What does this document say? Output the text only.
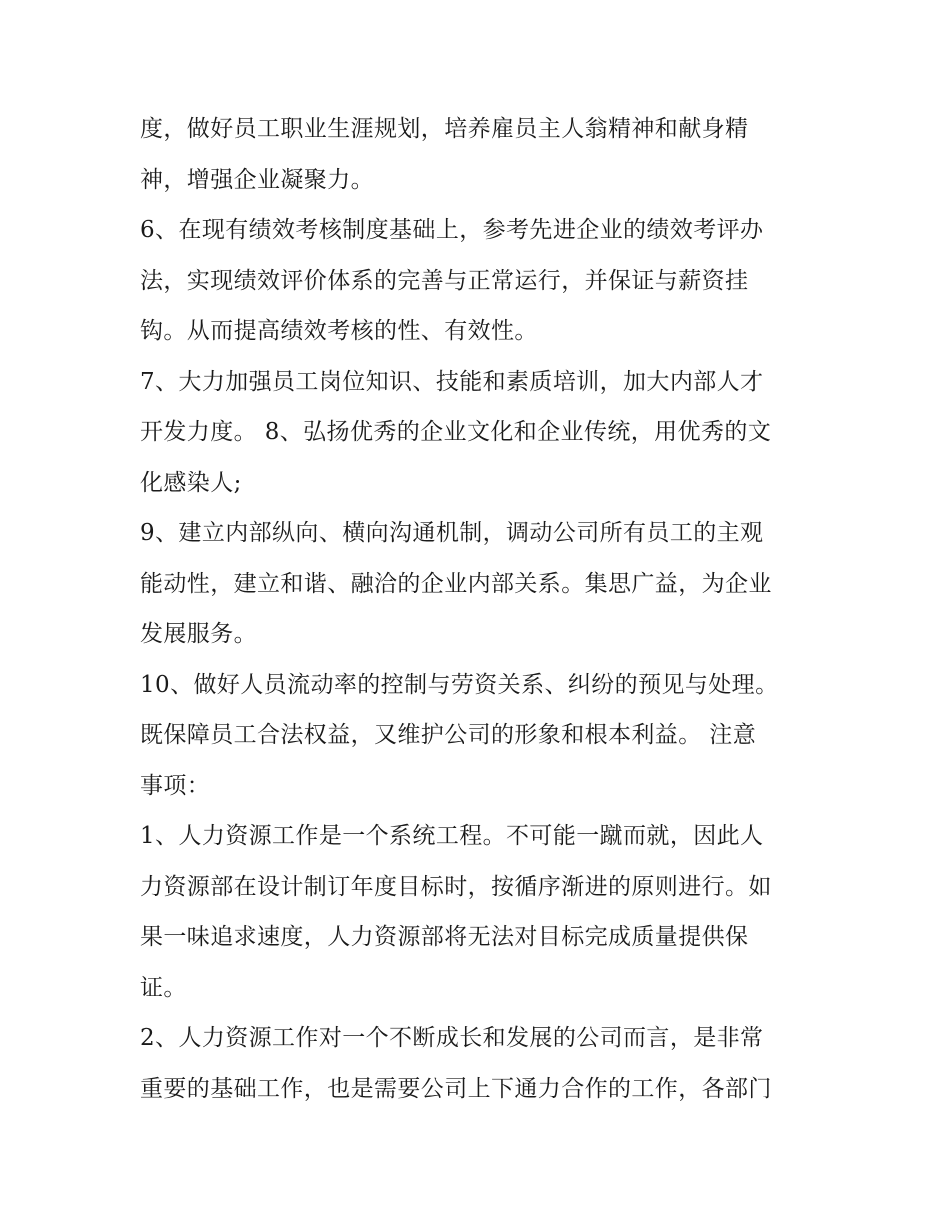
度，做好员工职业生涯规划，培养雇员主人翁精神和献身精
神，增强企业凝聚力。
6、在现有绩效考核制度基础上，参考先进企业的绩效考评办
法，实现绩效评价体系的完善与正常运行，并保证与薪资挂
钩。从而提高绩效考核的性、有效性。
7、大力加强员工岗位知识、技能和素质培训，加大内部人才
开发力度。 8、弘扬优秀的企业文化和企业传统，用优秀的文
化感染人;
9、建立内部纵向、横向沟通机制，调动公司所有员工的主观
能动性，建立和谐、融洽的企业内部关系。集思广益，为企业
发展服务。
10、做好人员流动率的控制与劳资关系、纠纷的预见与处理。
既保障员工合法权益，又维护公司的形象和根本利益。 注意
事项：
1、人力资源工作是一个系统工程。不可能一蹴而就，因此人
力资源部在设计制订年度目标时，按循序渐进的原则进行。如
果一味追求速度，人力资源部将无法对目标完成质量提供保
证。
2、人力资源工作对一个不断成长和发展的公司而言，是非常
重要的基础工作，也是需要公司上下通力合作的工作，各部门
